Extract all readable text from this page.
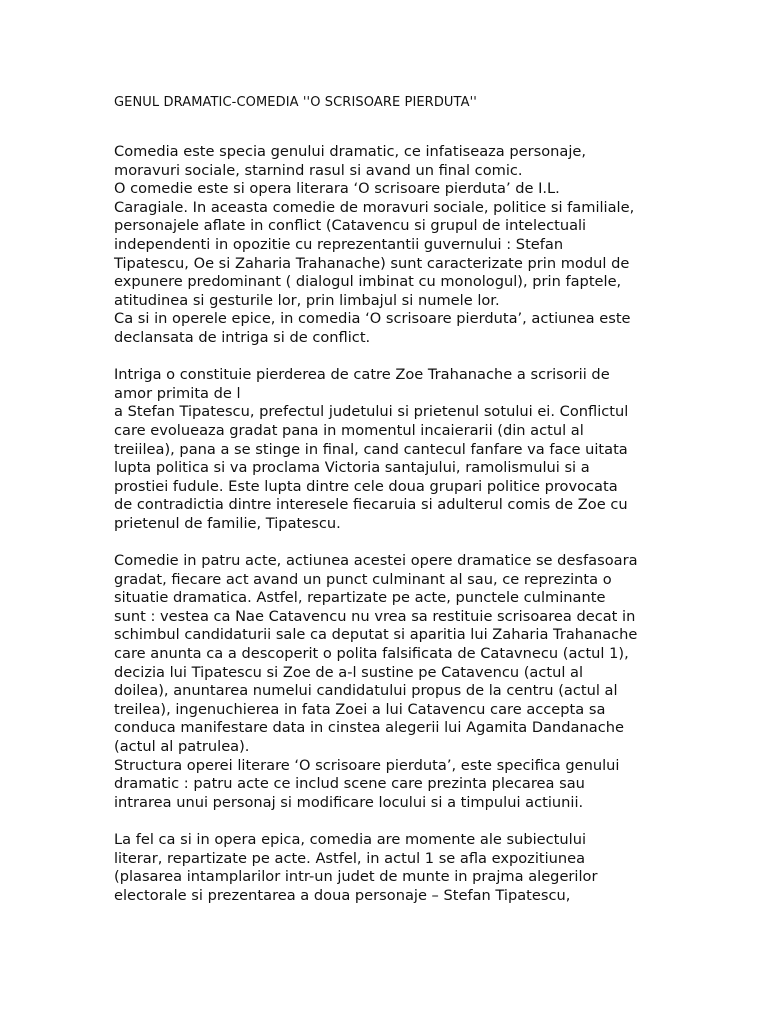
GENUL DRAMATIC-COMEDIA ''O SCRISOARE PIERDUTA''

Comedia este specia genului dramatic, ce infatiseaza personaje,
moravuri sociale, starnind rasul si avand un final comic.

O comedie este si opera literara ‘O scrisoare pierduta’ de I.L.
Caragiale. In aceasta comedie de moravuri sociale, politice si familiale,
personajele aflate in conflict (Catavencu si grupul de intelectuali
independenti in opozitie cu reprezentantii guvernului : Stefan
Tipatescu, Oe si Zaharia Trahanache) sunt caracterizate prin modul de
expunere predominant ( dialogul imbinat cu monologul), prin faptele,
atitudinea si gesturile lor, prin limbajul si numele lor.

Ca si in operele epice, in comedia ‘O scrisoare pierduta’, actiunea este
declansata de intriga si de conflict.

Intriga o constituie pierderea de catre Zoe Trahanache a scrisorii de
amor primita de l

a Stefan Tipatescu, prefectul judetului si prietenul sotului ei. Conflictul
care evolueaza gradat pana in momentul incaierarii (din actul al
treiilea), pana a se stinge in final, cand cantecul fanfare va face uitata
lupta politica si va proclama Victoria santajului, ramolismului si a
prostiei fudule. Este lupta dintre cele doua grupari politice provocata
de contradictia dintre interesele fiecaruia si adulterul comis de Zoe cu
prietenul de familie, Tipatescu.

Comedie in patru acte, actiunea acestei opere dramatice se desfasoara
gradat, fiecare act avand un punct culminant al sau, ce reprezinta o
situatie dramatica. Astfel, repartizate pe acte, punctele culminante
sunt : vestea ca Nae Catavencu nu vrea sa restituie scrisoarea decat in
schimbul candidaturii sale ca deputat si aparitia lui Zaharia Trahanache
care anunta ca a descoperit o polita falsificata de Catavnecu (actul 1),
decizia lui Tipatescu si Zoe de a-l sustine pe Catavencu (actul al
doilea), anuntarea numelui candidatului propus de la centru (actul al
treilea), ingenuchierea in fata Zoei a lui Catavencu care accepta sa
conduca manifestare data in cinstea alegerii lui Agamita Dandanache
(actul al patrulea).

Structura operei literare ‘O scrisoare pierduta’, este specifica genului
dramatic : patru acte ce includ scene care prezinta plecarea sau
intrarea unui personaj si modificare locului si a timpului actiunii.

La fel ca si in opera epica, comedia are momente ale subiectului
literar, repartizate pe acte. Astfel, in actul 1 se afla expozitiunea
(plasarea intamplarilor intr-un judet de munte in prajma alegerilor
electorale si prezentarea a doua personaje – Stefan Tipatescu,
